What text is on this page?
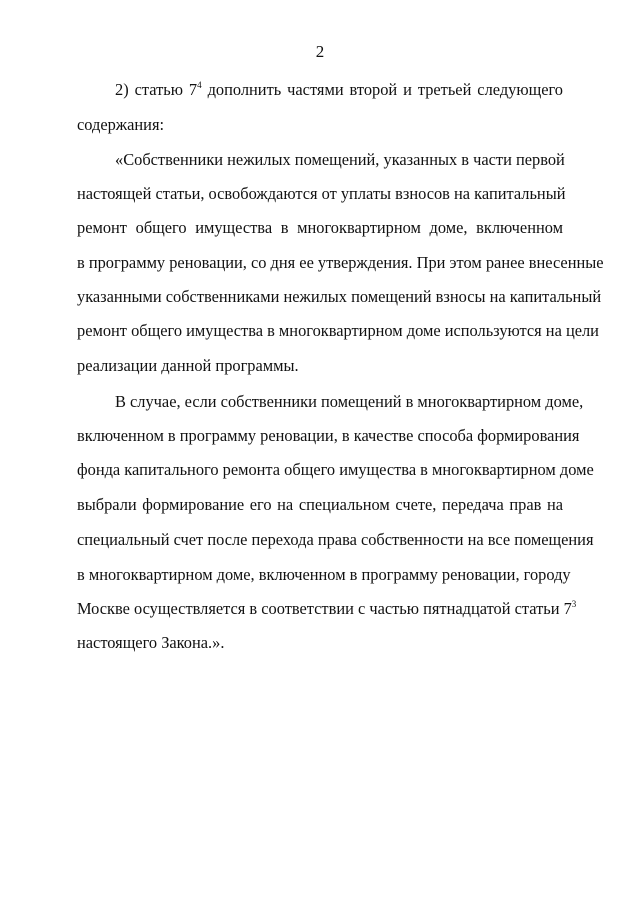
2
2) статью $7^4$ дополнить частями второй и третьей следующего
содержания:
«Собственники нежилых помещений, указанных в части первой
настоящей статьи, освобождаются от уплаты взносов на капитальный
ремонт общего имущества в многоквартирном доме, включенном
в программу реновации, со дня ее утверждения. При этом ранее внесенные
указанными собственниками нежилых помещений взносы на капитальный
ремонт общего имущества в многоквартирном доме используются на цели
реализации данной программы.
В случае, если собственники помещений в многоквартирном доме,
включенном в программу реновации, в качестве способа формирования
фонда капитального ремонта общего имущества в многоквартирном доме
выбрали формирование его на специальном счете, передача прав на
специальный счет после перехода права собственности на все помещения
в многоквартирном доме, включенном в программу реновации, городу
Москве осуществляется в соответствии с частью пятнадцатой статьи $7^3$
настоящего Закона.».
